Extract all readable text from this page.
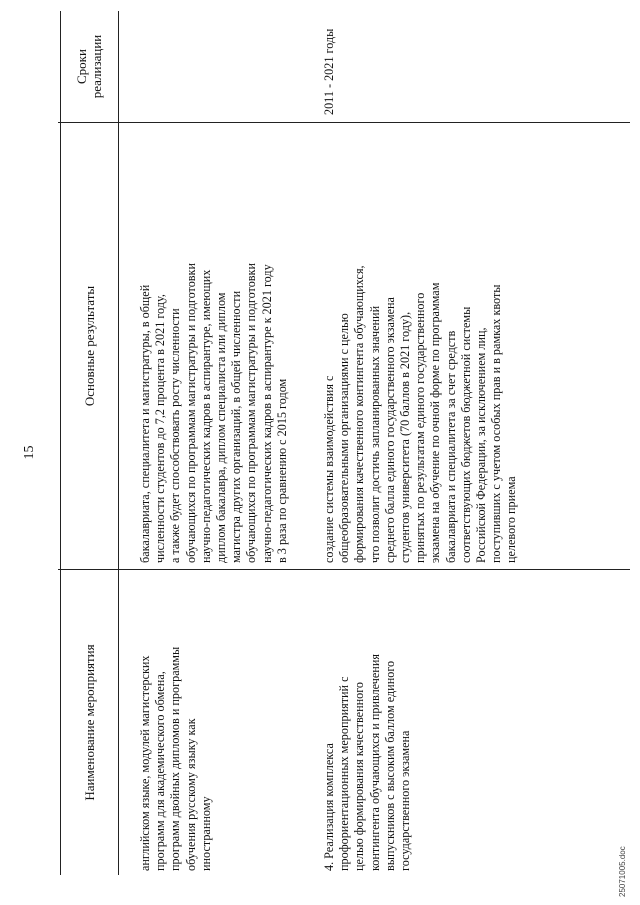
15
Наименование мероприятия
Основные результаты
Сроки
реализации
английском языке, модулей магистерских
программ для академического обмена,
программ двойных дипломов и программы
обучения русскому языку как
иностранному
бакалавриата, специалитета и магистратуры, в общей
численности студентов до 7,2 процента в 2021 году,
а также будет способствовать росту численности
обучающихся по программам магистратуры и подготовки
научно-педагогических кадров в аспирантуре, имеющих
диплом бакалавра, диплом специалиста или диплом
магистра других организаций, в общей численности
обучающихся по программам магистратуры и подготовки
научно-педагогических кадров в аспирантуре к 2021 году
в 3 раза по сравнению с 2015 годом
4. Реализация комплекса
профориентационных мероприятий с
целью формирования качественного
контингента обучающихся и привлечения
выпускников с высоким баллом единого
государственного экзамена
создание системы взаимодействия с
общеобразовательными организациями с целью
формирования качественного контингента обучающихся,
что позволит достичь запланированных значений
среднего балла единого государственного экзамена
студентов университета (70 баллов в 2021 году),
принятых по результатам единого государственного
экзамена на обучение по очной форме по программам
бакалавриата и специалитета за счет средств
соответствующих бюджетов бюджетной системы
Российской Федерации, за исключением лиц,
поступивших с учетом особых прав и в рамках квоты
целевого приема
2011 - 2021 годы
25071005.doc
